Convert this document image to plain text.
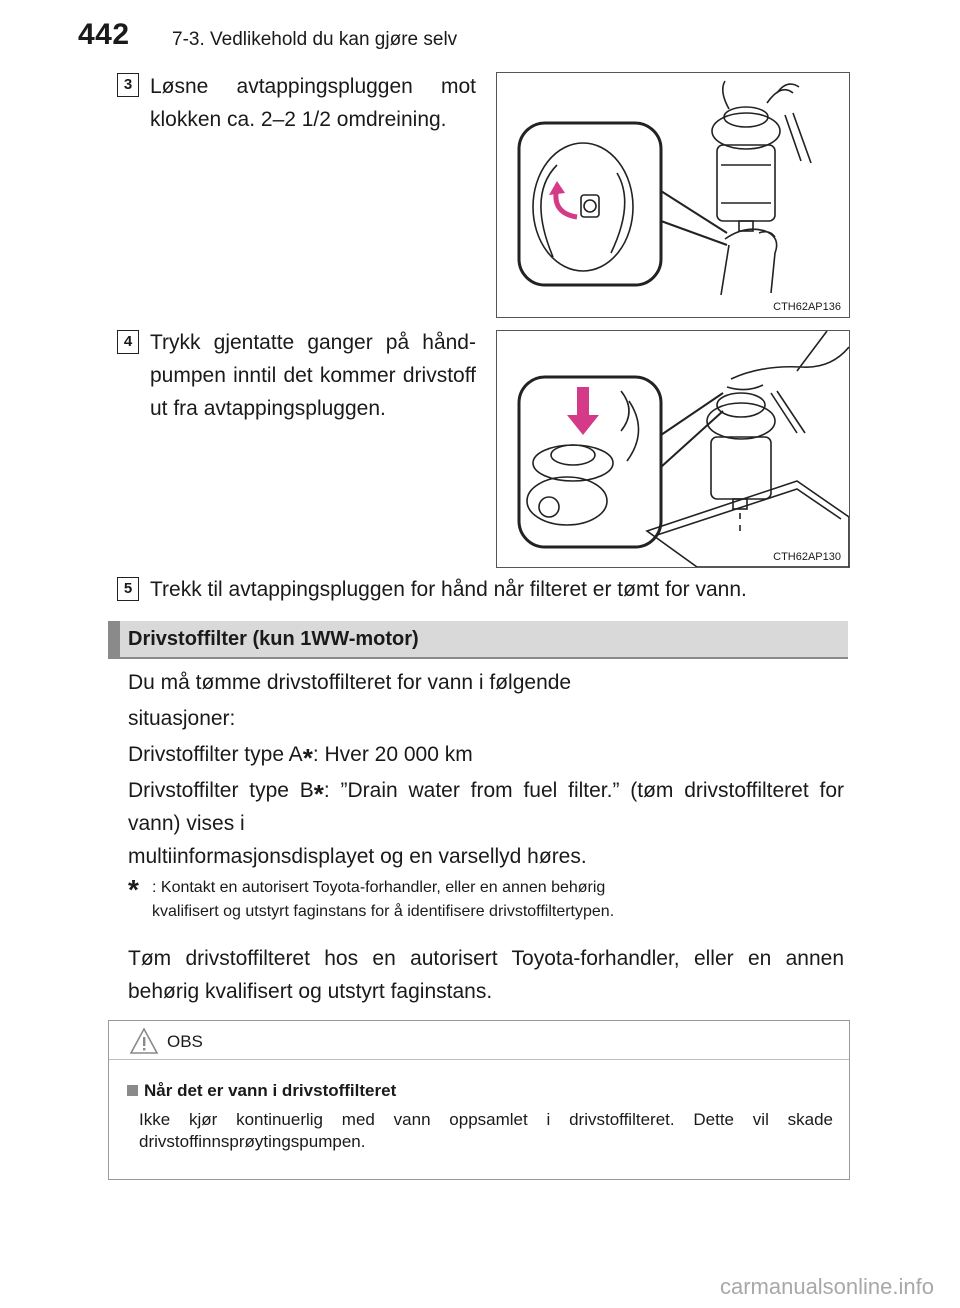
442 7-3. Vedlikehold du kan gjøre selv
3 Løsne avtappingspluggen mot klokken ca. 2–2 1/2 omdreining.
CTH62AP136
4 Trykk gjentatte ganger på håndpumpen inntil det kommer drivstoff ut fra avtappingspluggen.
CTH62AP130
5 Trekk til avtappingspluggen for hånd når filteret er tømt for vann.
Drivstoffilter (kun 1WW-motor)
Du må tømme drivstoffilteret for vann i følgende
situasjoner:
Drivstoffilter type A*: Hver 20 000 km
Drivstoffilter type B*: ”Drain water from fuel filter.” (tøm drivstoffilteret for vann) vises i
multiinformasjonsdisplayet og en varsellyd høres.
* : Kontakt en autorisert Toyota-forhandler, eller en annen behørig
kvalifisert og utstyrt faginstans for å identifisere drivstoffiltertypen.
Tøm drivstoffilteret hos en autorisert Toyota-forhandler, eller en annen behørig kvalifisert og utstyrt faginstans.
OBS
Når det er vann i drivstoffilteret
Ikke kjør kontinuerlig med vann oppsamlet i drivstoffilteret. Dette vil skade drivstoffinnsprøytingspumpen.
carmanualsonline.info
